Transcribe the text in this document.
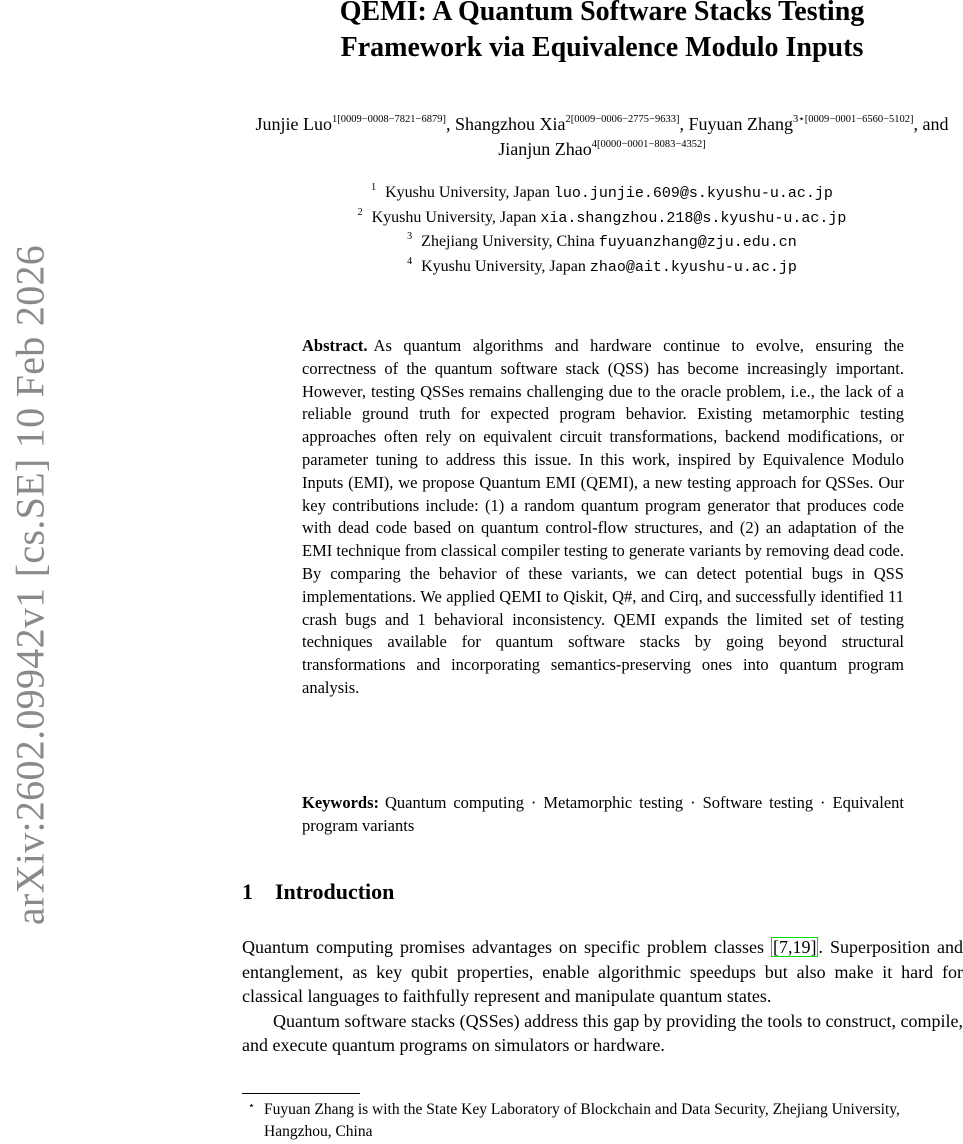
arXiv:2602.09942v1 [cs.SE] 10 Feb 2026
QEMI: A Quantum Software Stacks Testing
Framework via Equivalence Modulo Inputs
Junjie Luo$^{1[0009-0008-7821-6879]}$, Shangzhou Xia$^{2[0009-0006-2775-9633]}$, Fuyuan Zhang$^{3⋆[0009-0001-6560-5102]}$, and Jianjun Zhao$^{4[0000-0001-8083-4352]}$
$^1$ Kyushu University, Japan luo.junjie.609@s.kyushu-u.ac.jp
$^2$ Kyushu University, Japan xia.shangzhou.218@s.kyushu-u.ac.jp
$^3$ Zhejiang University, China fuyuanzhang@zju.edu.cn
$^4$ Kyushu University, Japan zhao@ait.kyushu-u.ac.jp
Abstract. As quantum algorithms and hardware continue to evolve, ensuring the correctness of the quantum software stack (QSS) has become increasingly important. However, testing QSSes remains challenging due to the oracle problem, i.e., the lack of a reliable ground truth for expected program behavior. Existing metamorphic testing approaches often rely on equivalent circuit transformations, backend modifications, or parameter tuning to address this issue. In this work, inspired by Equivalence Modulo Inputs (EMI), we propose Quantum EMI (QEMI), a new testing approach for QSSes. Our key contributions include: (1) a random quantum program generator that produces code with dead code based on quantum control-flow structures, and (2) an adaptation of the EMI technique from classical compiler testing to generate variants by removing dead code. By comparing the behavior of these variants, we can detect potential bugs in QSS implementations. We applied QEMI to Qiskit, Q#, and Cirq, and successfully identified 11 crash bugs and 1 behavioral inconsistency. QEMI expands the limited set of testing techniques available for quantum software stacks by going beyond structural transformations and incorporating semantics-preserving ones into quantum program analysis.
Keywords: Quantum computing · Metamorphic testing · Software testing · Equivalent program variants
1 Introduction

Quantum computing promises advantages on specific problem classes [7,19] . Superposition and entanglement, as key qubit properties, enable algorithmic speedups but also make it hard for classical languages to faithfully represent and manipulate quantum states.

Quantum software stacks (QSSes) address this gap by providing the tools to construct, compile, and execute quantum programs on simulators or hardware.

⋆ Fuyuan Zhang is with the State Key Laboratory of Blockchain and Data Security, Zhejiang University, Hangzhou, China
